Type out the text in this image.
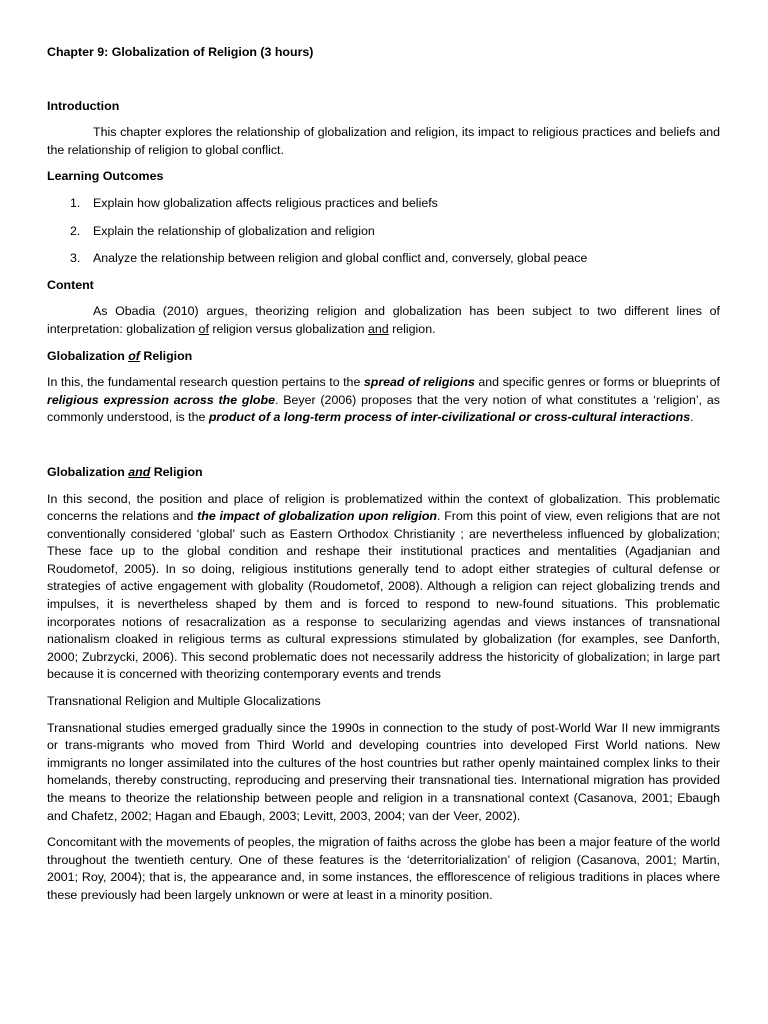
Chapter 9: Globalization of Religion (3 hours)

Introduction

This chapter explores the relationship of globalization and religion, its impact to religious practices and beliefs and the relationship of religion to global conflict.

Learning Outcomes

1. Explain how globalization affects religious practices and beliefs
2. Explain the relationship of globalization and religion
3. Analyze the relationship between religion and global conflict and, conversely, global peace

Content

As Obadia (2010) argues, theorizing religion and globalization has been subject to two different lines of interpretation: globalization of religion versus globalization and religion.

Globalization of Religion

In this, the fundamental research question pertains to the spread of religions and specific genres or forms or blueprints of religious expression across the globe. Beyer (2006) proposes that the very notion of what constitutes a ‘religion’, as commonly understood, is the product of a long-term process of inter-civilizational or cross-cultural interactions.

Globalization and Religion

In this second, the position and place of religion is problematized within the context of globalization. This problematic concerns the relations and the impact of globalization upon religion. From this point of view, even religions that are not conventionally considered ‘global’ such as Eastern Orthodox Christianity ; are nevertheless influenced by globalization; These face up to the global condition and reshape their institutional practices and mentalities (Agadjanian and Roudometof, 2005). In so doing, religious institutions generally tend to adopt either strategies of cultural defense or strategies of active engagement with globality (Roudometof, 2008). Although a religion can reject globalizing trends and impulses, it is nevertheless shaped by them and is forced to respond to new-found situations. This problematic incorporates notions of resacralization as a response to secularizing agendas and views instances of transnational nationalism cloaked in religious terms as cultural expressions stimulated by globalization (for examples, see Danforth, 2000; Zubrzycki, 2006). This second problematic does not necessarily address the historicity of globalization; in large part because it is concerned with theorizing contemporary events and trends

Transnational Religion and Multiple Glocalizations

Transnational studies emerged gradually since the 1990s in connection to the study of post-World War II new immigrants or trans-migrants who moved from Third World and developing countries into developed First World nations. New immigrants no longer assimilated into the cultures of the host countries but rather openly maintained complex links to their homelands, thereby constructing, reproducing and preserving their transnational ties. International migration has provided the means to theorize the relationship between people and religion in a transnational context (Casanova, 2001; Ebaugh and Chafetz, 2002; Hagan and Ebaugh, 2003; Levitt, 2003, 2004; van der Veer, 2002).

Concomitant with the movements of peoples, the migration of faiths across the globe has been a major feature of the world throughout the twentieth century. One of these features is the ‘deterritorialization’ of religion (Casanova, 2001; Martin, 2001; Roy, 2004); that is, the appearance and, in some instances, the efflorescence of religious traditions in places where these previously had been largely unknown or were at least in a minority position.
